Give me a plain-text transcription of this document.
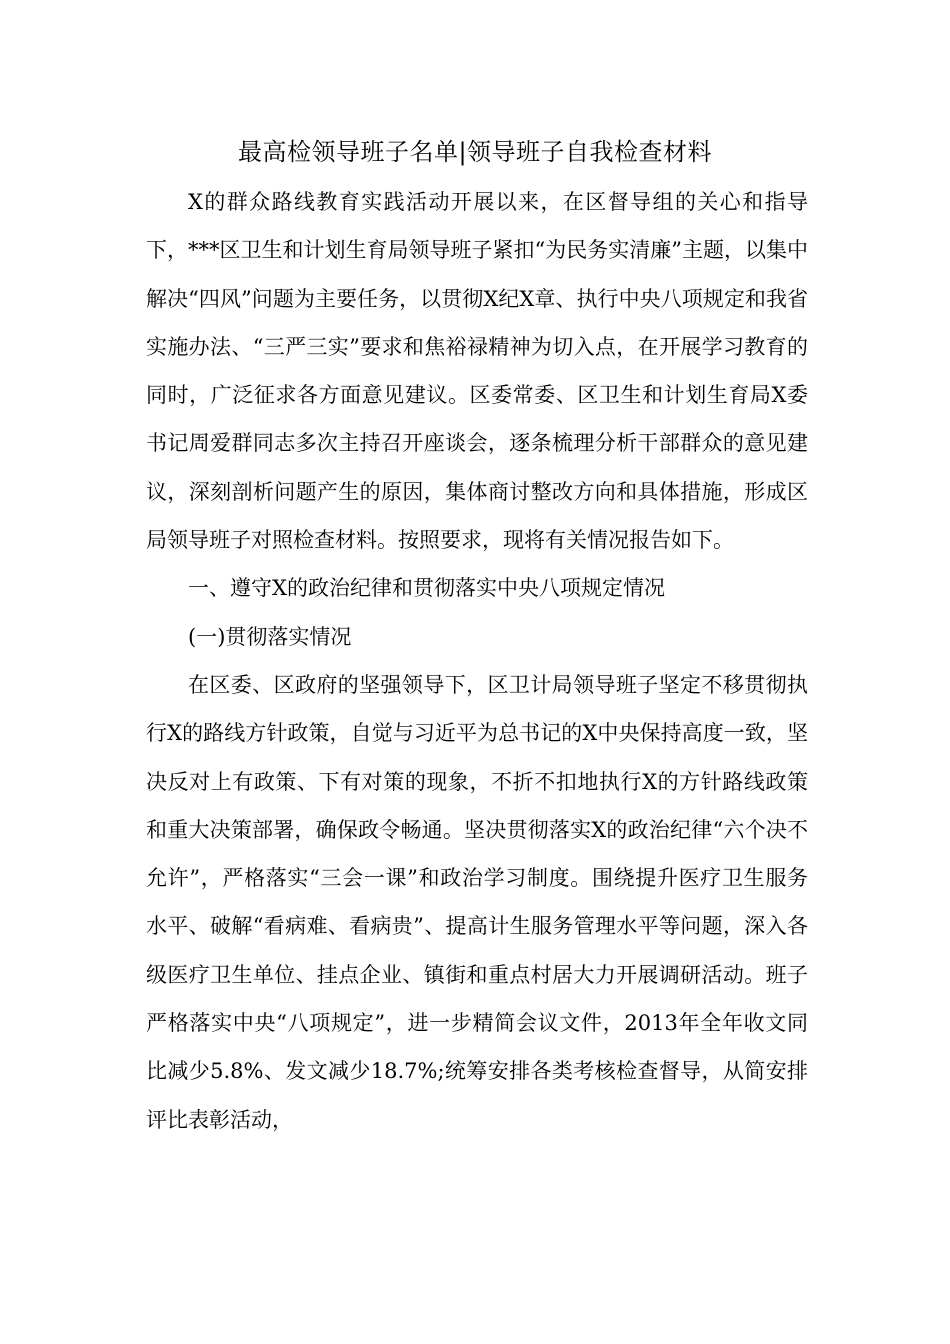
最高检领导班子名单|领导班子自我检查材料

X的群众路线教育实践活动开展以来，在区督导组的关心和指导下，***区卫生和计划生育局领导班子紧扣“为民务实清廉”主题，以集中解决“四风”问题为主要任务，以贯彻X纪X章、执行中央八项规定和我省实施办法、“三严三实”要求和焦裕禄精神为切入点，在开展学习教育的同时，广泛征求各方面意见建议。区委常委、区卫生和计划生育局X委书记周爱群同志多次主持召开座谈会，逐条梳理分析干部群众的意见建议，深刻剖析问题产生的原因，集体商讨整改方向和具体措施，形成区局领导班子对照检查材料。按照要求，现将有关情况报告如下。

一、遵守X的政治纪律和贯彻落实中央八项规定情况

(一)贯彻落实情况

在区委、区政府的坚强领导下，区卫计局领导班子坚定不移贯彻执行X的路线方针政策，自觉与习近平为总书记的X中央保持高度一致，坚决反对上有政策、下有对策的现象，不折不扣地执行X的方针路线政策和重大决策部署，确保政令畅通。坚决贯彻落实X的政治纪律“六个决不允许”，严格落实“三会一课”和政治学习制度。围绕提升医疗卫生服务水平、破解“看病难、看病贵”、提高计生服务管理水平等问题，深入各级医疗卫生单位、挂点企业、镇街和重点村居大力开展调研活动。班子严格落实中央“八项规定”，进一步精简会议文件，2013年全年收文同比减少5.8%、发文减少18.7%;统筹安排各类考核检查督导，从简安排评比表彰活动，
